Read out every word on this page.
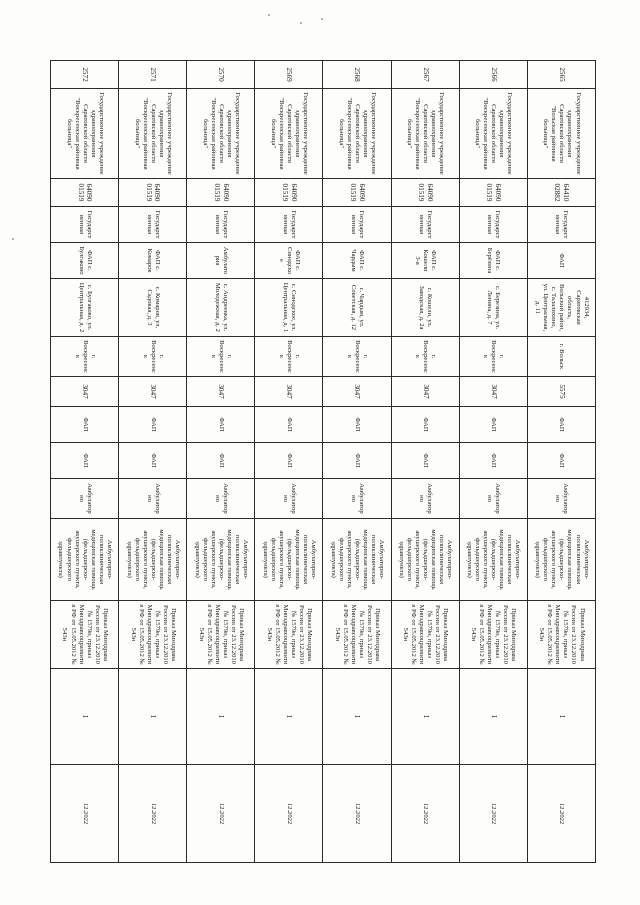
2565	Государственное учреждение здравоохранения Саратовской области "Вольская районная больница"	6441002882	Государственная	ФАП	412934, Саратовская область, Вольский район, с. Талалихино, ул. Центральная, д. 11	г. Вольск	5575	ФАП	ФАП	Амбулаторно	Амбулаторно-поликлиническая медицинская помощь (фельдшерско-акушерского пункта, фельдшерского здравпункта)	Приказ Минздрава России от 23.12.2010 № 1579н, приказ Минздравсоцразвития РФ от 15.05.2012 № 543н	1	12.2022
2566	Государственное учреждение здравоохранения Саратовской области "Воскресенская районная больница"	6409001519	Государственная	ФАП с. Берёзина	с. Березина, ул. Ленина, д. 7	г. Воскресенск	3047	ФАП	ФАП	Амбулаторно	Амбулаторно-поликлиническая медицинская помощь (фельдшерско-акушерского пункта, фельдшерского здравпункта)	Приказ Минздрава России от 23.12.2010 № 1579н, приказ Минздравсоцразвития РФ от 15.05.2012 № 543н	1	12.2022
2567	Государственное учреждение здравоохранения Саратовской области "Воскресенская районная больница"	6409001519	Государственная	ФАП с. Кошели 3-я	с. Кошели, ул. Заводская, д. 2а	г. Воскресенск	3047	ФАП	ФАП	Амбулаторно	Амбулаторно-поликлиническая медицинская помощь (фельдшерско-акушерского пункта, фельдшерского здравпункта)	Приказ Минздрава России от 23.12.2010 № 1579н, приказ Минздравсоцразвития РФ от 15.05.2012 № 543н	1	12.2022
2568	Государственное учреждение здравоохранения Саратовской области "Воскресенская районная больница"	6409001519	Государственная	ФАП с. Чардым	с. Чардым, ул. Советская, д. 12	г. Воскресенск	3047	ФАП	ФАП	Амбулаторно	Амбулаторно-поликлиническая медицинская помощь (фельдшерско-акушерского пункта, фельдшерского здравпункта)	Приказ Минздрава России от 23.12.2010 № 1579н, приказ Минздравсоцразвития РФ от 15.05.2012 № 543н	1	12.2022
2569	Государственное учреждение здравоохранения Саратовской области "Воскресенская районная больница"	6409001519	Государственная	ФАП с. Синодское	с. Синодское, ул. Центральная, д. 1	г. Воскресенск	3047	ФАП	ФАП	Амбулаторно	Амбулаторно-поликлиническая медицинская помощь (фельдшерско-акушерского пункта, фельдшерского здравпункта)	Приказ Минздрава России от 23.12.2010 № 1579н, приказ Минздравсоцразвития РФ от 15.05.2012 № 543н	1	12.2022
2570	Государственное учреждение здравоохранения Саратовской области "Воскресенская районная больница"	6409001519	Государственная	Амбулатория	с. Андреевка, ул. Молодежная, д. 2	г. Воскресенск	3047	ФАП	ФАП	Амбулаторно	Амбулаторно-поликлиническая медицинская помощь (фельдшерско-акушерского пункта, фельдшерского здравпункта)	Приказ Минздрава России от 23.12.2010 № 1579н, приказ Минздравсоцразвития РФ от 15.05.2012 № 543н	1	12.2022
2571	Государственное учреждение здравоохранения Саратовской области "Воскресенская районная больница"	6409001519	Государственная	ФАП с. Комаров	с. Комаров, ул. Садовая, д. 3	г. Воскресенск	3047	ФАП	ФАП	Амбулаторно	Амбулаторно-поликлиническая медицинская помощь (фельдшерско-акушерского пункта, фельдшерского здравпункта)	Приказ Минздрава России от 23.12.2010 № 1579н, приказ Минздравсоцразвития РФ от 15.05.2012 № 543н	1	12.2022
2572	Государственное учреждение здравоохранения Саратовской области "Воскресенская районная больница"	6409001519	Государственная	ФАП с. Булгаково	с. Булгаково, ул. Центральная, д. 2	г. Воскресенск	3047	ФАП	ФАП	Амбулаторно	Амбулаторно-поликлиническая медицинская помощь (фельдшерско-акушерского пункта, фельдшерского здравпункта)	Приказ Минздрава России от 23.12.2010 № 1579н, приказ Минздравсоцразвития РФ от 15.05.2012 № 543н	1	12.2022
